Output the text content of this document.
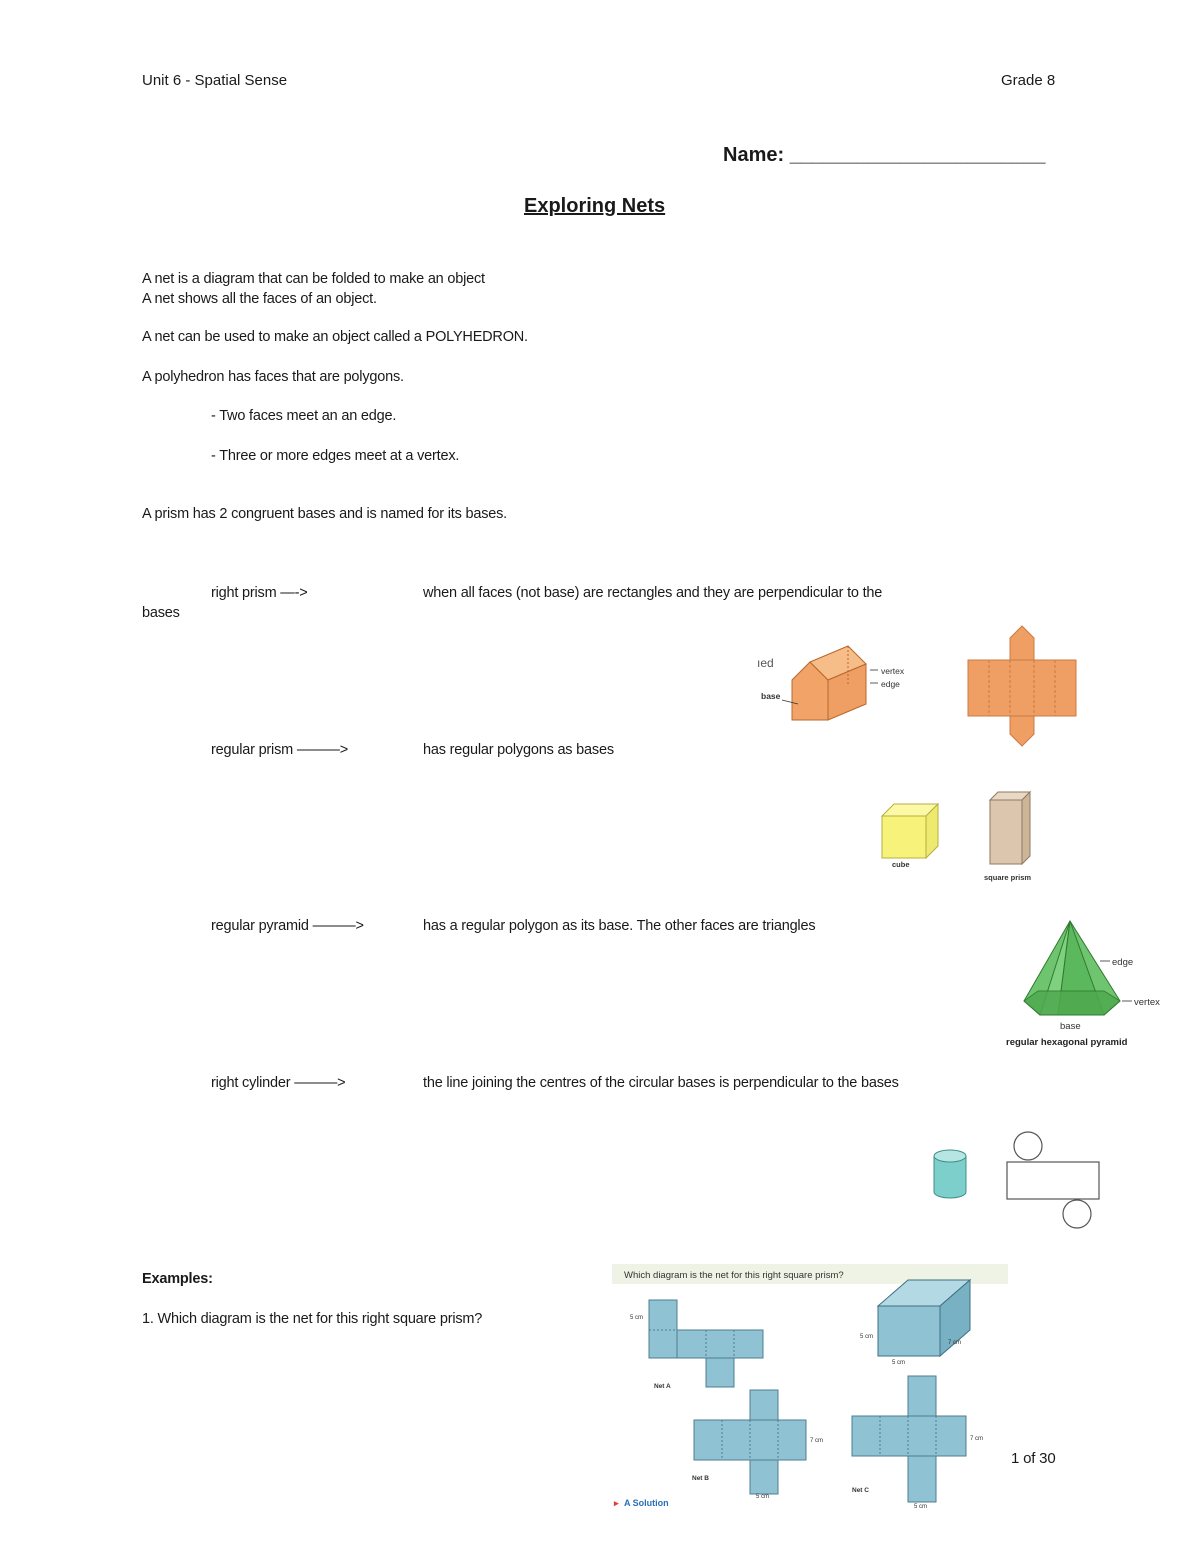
Unit 6 - Spatial Sense	Grade 8
Name: _______________________
Exploring Nets
A net is a diagram that can be folded to make an object
A net shows all the faces of an object.
A net can be used to make an object called a POLYHEDRON.
A polyhedron has faces that are polygons.
- Two faces meet an an edge.
- Three or more edges meet at a vertex.
A prism has 2 congruent bases and is named for its bases.
right prism —->	when all faces (not base) are rectangles and they are perpendicular to the
bases
regular prism ———>	has regular polygons as bases
regular pyramid ———>	has a regular polygon as its base. The other faces are triangles
right cylinder ———>	the line joining the centres of the circular bases is perpendicular to the bases
ıed
vertex
edge
base
cube
square prism
edge
vertex
base
regular hexagonal pyramid
Examples:
1. Which diagram is the net for this right square prism?
Which diagram is the net for this right square prism?
5 cm
7 cm
5 cm
5 cm
Net A
7 cm
5 cm
Net B
7 cm
5 cm
Net C
▸ A Solution
1 of 30
